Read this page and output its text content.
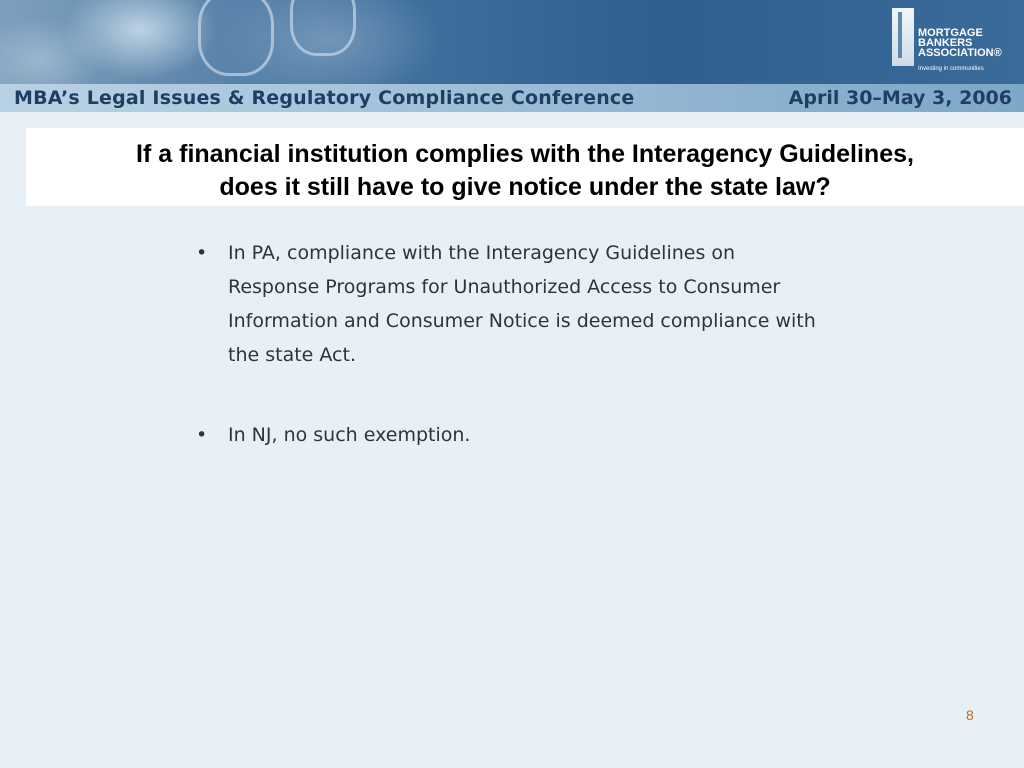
MORTGAGE
BANKERS
ASSOCIATION®
Investing in communities
MBA’s Legal Issues & Regulatory Compliance Conference	April 30–May 3, 2006
If a financial institution complies with the Interagency Guidelines,
does it still have to give notice under the state law?
• In PA, compliance with the Interagency Guidelines on Response Programs for Unauthorized Access to Consumer Information and Consumer Notice is deemed compliance with the state Act.
• In NJ, no such exemption.
8
